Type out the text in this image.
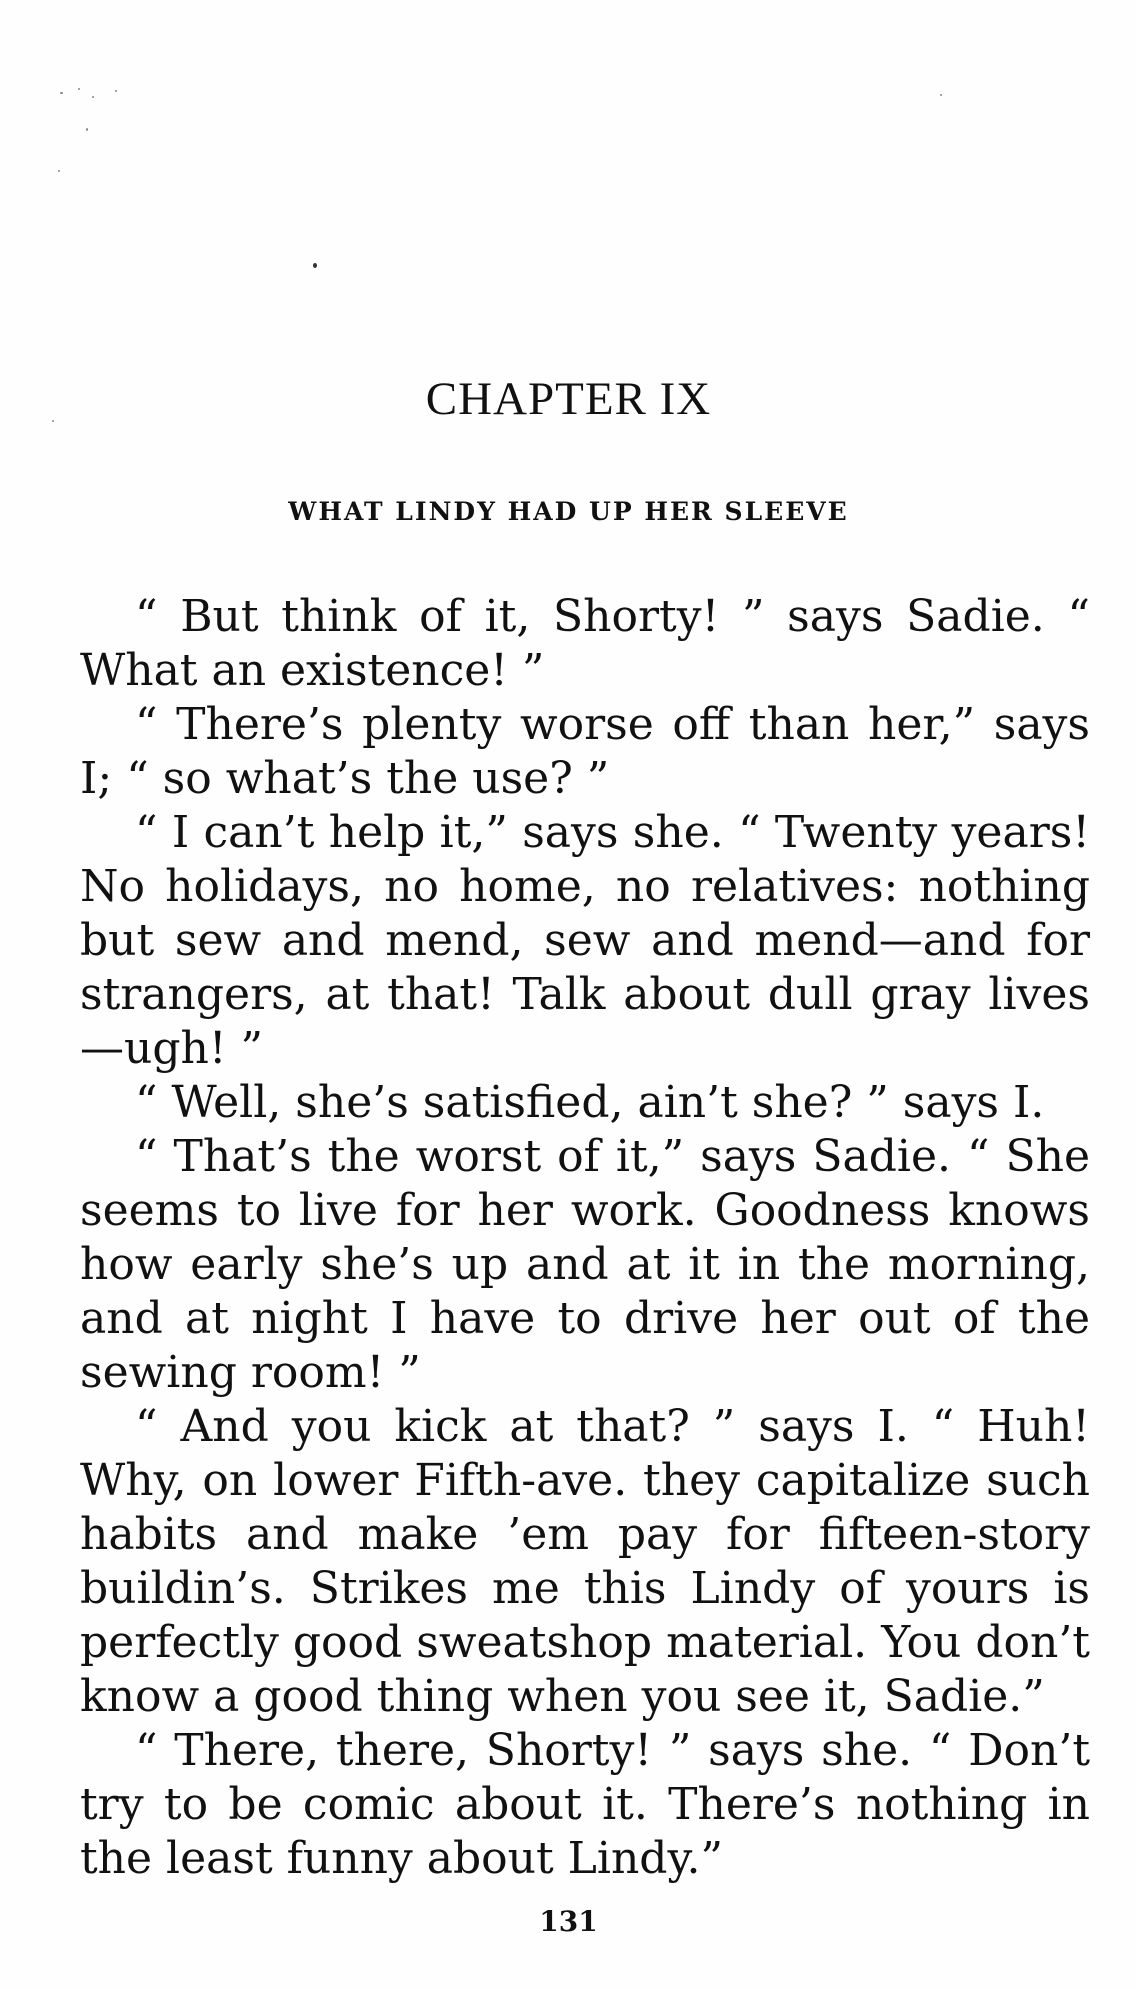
CHAPTER IX
WHAT LINDY HAD UP HER SLEEVE

“ But think of it, Shorty! ” says Sadie. “ What an existence! ”

“ There’s plenty worse off than her,” says I; “ so what’s the use? ”

“ I can’t help it,” says she. “ Twenty years! No holidays, no home, no relatives: nothing but sew and mend, sew and mend—and for strangers, at that! Talk about dull gray lives—ugh! ”

“ Well, she’s satisfied, ain’t she? ” says I.

“ That’s the worst of it,” says Sadie. “ She seems to live for her work. Goodness knows how early she’s up and at it in the morning, and at night I have to drive her out of the sewing room! ”

“ And you kick at that? ” says I. “ Huh! Why, on lower Fifth-ave. they capitalize such habits and make ’em pay for fifteen-story buildin’s. Strikes me this Lindy of yours is perfectly good sweatshop material. You don’t know a good thing when you see it, Sadie.”

“ There, there, Shorty! ” says she. “ Don’t try to be comic about it. There’s nothing in the least funny about Lindy.”

131
